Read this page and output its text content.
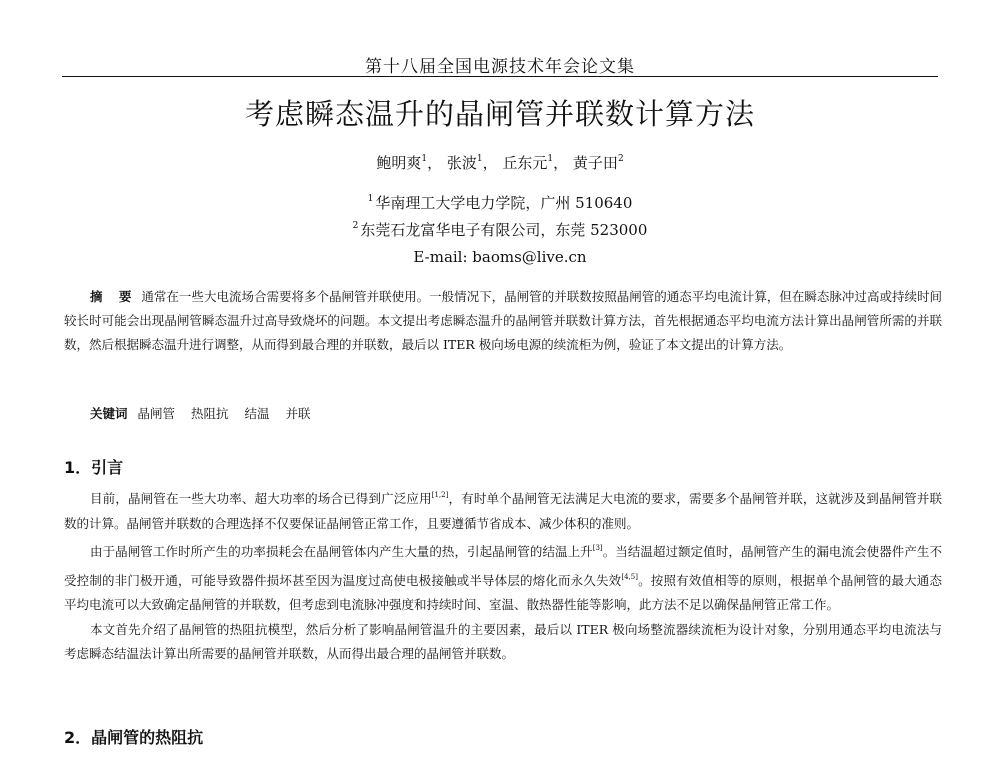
第十八届全国电源技术年会论文集
考虑瞬态温升的晶闸管并联数计算方法
鲍明爽$^1$， 张波$^1$， 丘东元$^1$， 黄子田$^2$
$^1$ 华南理工大学电力学院，广州 510640
$^2$ 东莞石龙富华电子有限公司，东莞 523000
E-mail: baoms@live.cn
摘 要 通常在一些大电流场合需要将多个晶闸管并联使用。一般情况下，晶闸管的并联数按照晶闸管的通态平均电流计算，但在瞬态脉冲过高或持续时间较长时可能会出现晶闸管瞬态温升过高导致烧坏的问题。本文提出考虑瞬态温升的晶闸管并联数计算方法，首先根据通态平均电流方法计算出晶闸管所需的并联数，然后根据瞬态温升进行调整，从而得到最合理的并联数，最后以 ITER 极向场电源的续流柜为例，验证了本文提出的计算方法。
关键词 晶闸管 热阻抗 结温 并联
1．引言

目前，晶闸管在一些大功率、超大功率的场合已得到广泛应用[1,2]，有时单个晶闸管无法满足大电流的要求，需要多个晶闸管并联，这就涉及到晶闸管并联数的计算。晶闸管并联数的合理选择不仅要保证晶闸管正常工作，且要遵循节省成本、减少体积的准则。

由于晶闸管工作时所产生的功率损耗会在晶闸管体内产生大量的热，引起晶闸管的结温上升[3]。当结温超过额定值时，晶闸管产生的漏电流会使器件产生不受控制的非门极开通，可能导致器件损坏甚至因为温度过高使电极接触或半导体层的熔化而永久失效[4,5]。按照有效值相等的原则，根据单个晶闸管的最大通态平均电流可以大致确定晶闸管的并联数，但考虑到电流脉冲强度和持续时间、室温、散热器性能等影响，此方法不足以确保晶闸管正常工作。

本文首先介绍了晶闸管的热阻抗模型，然后分析了影响晶闸管温升的主要因素，最后以 ITER 极向场整流器续流柜为设计对象，分别用通态平均电流法与考虑瞬态结温法计算出所需要的晶闸管并联数，从而得出最合理的晶闸管并联数。

2．晶闸管的热阻抗
